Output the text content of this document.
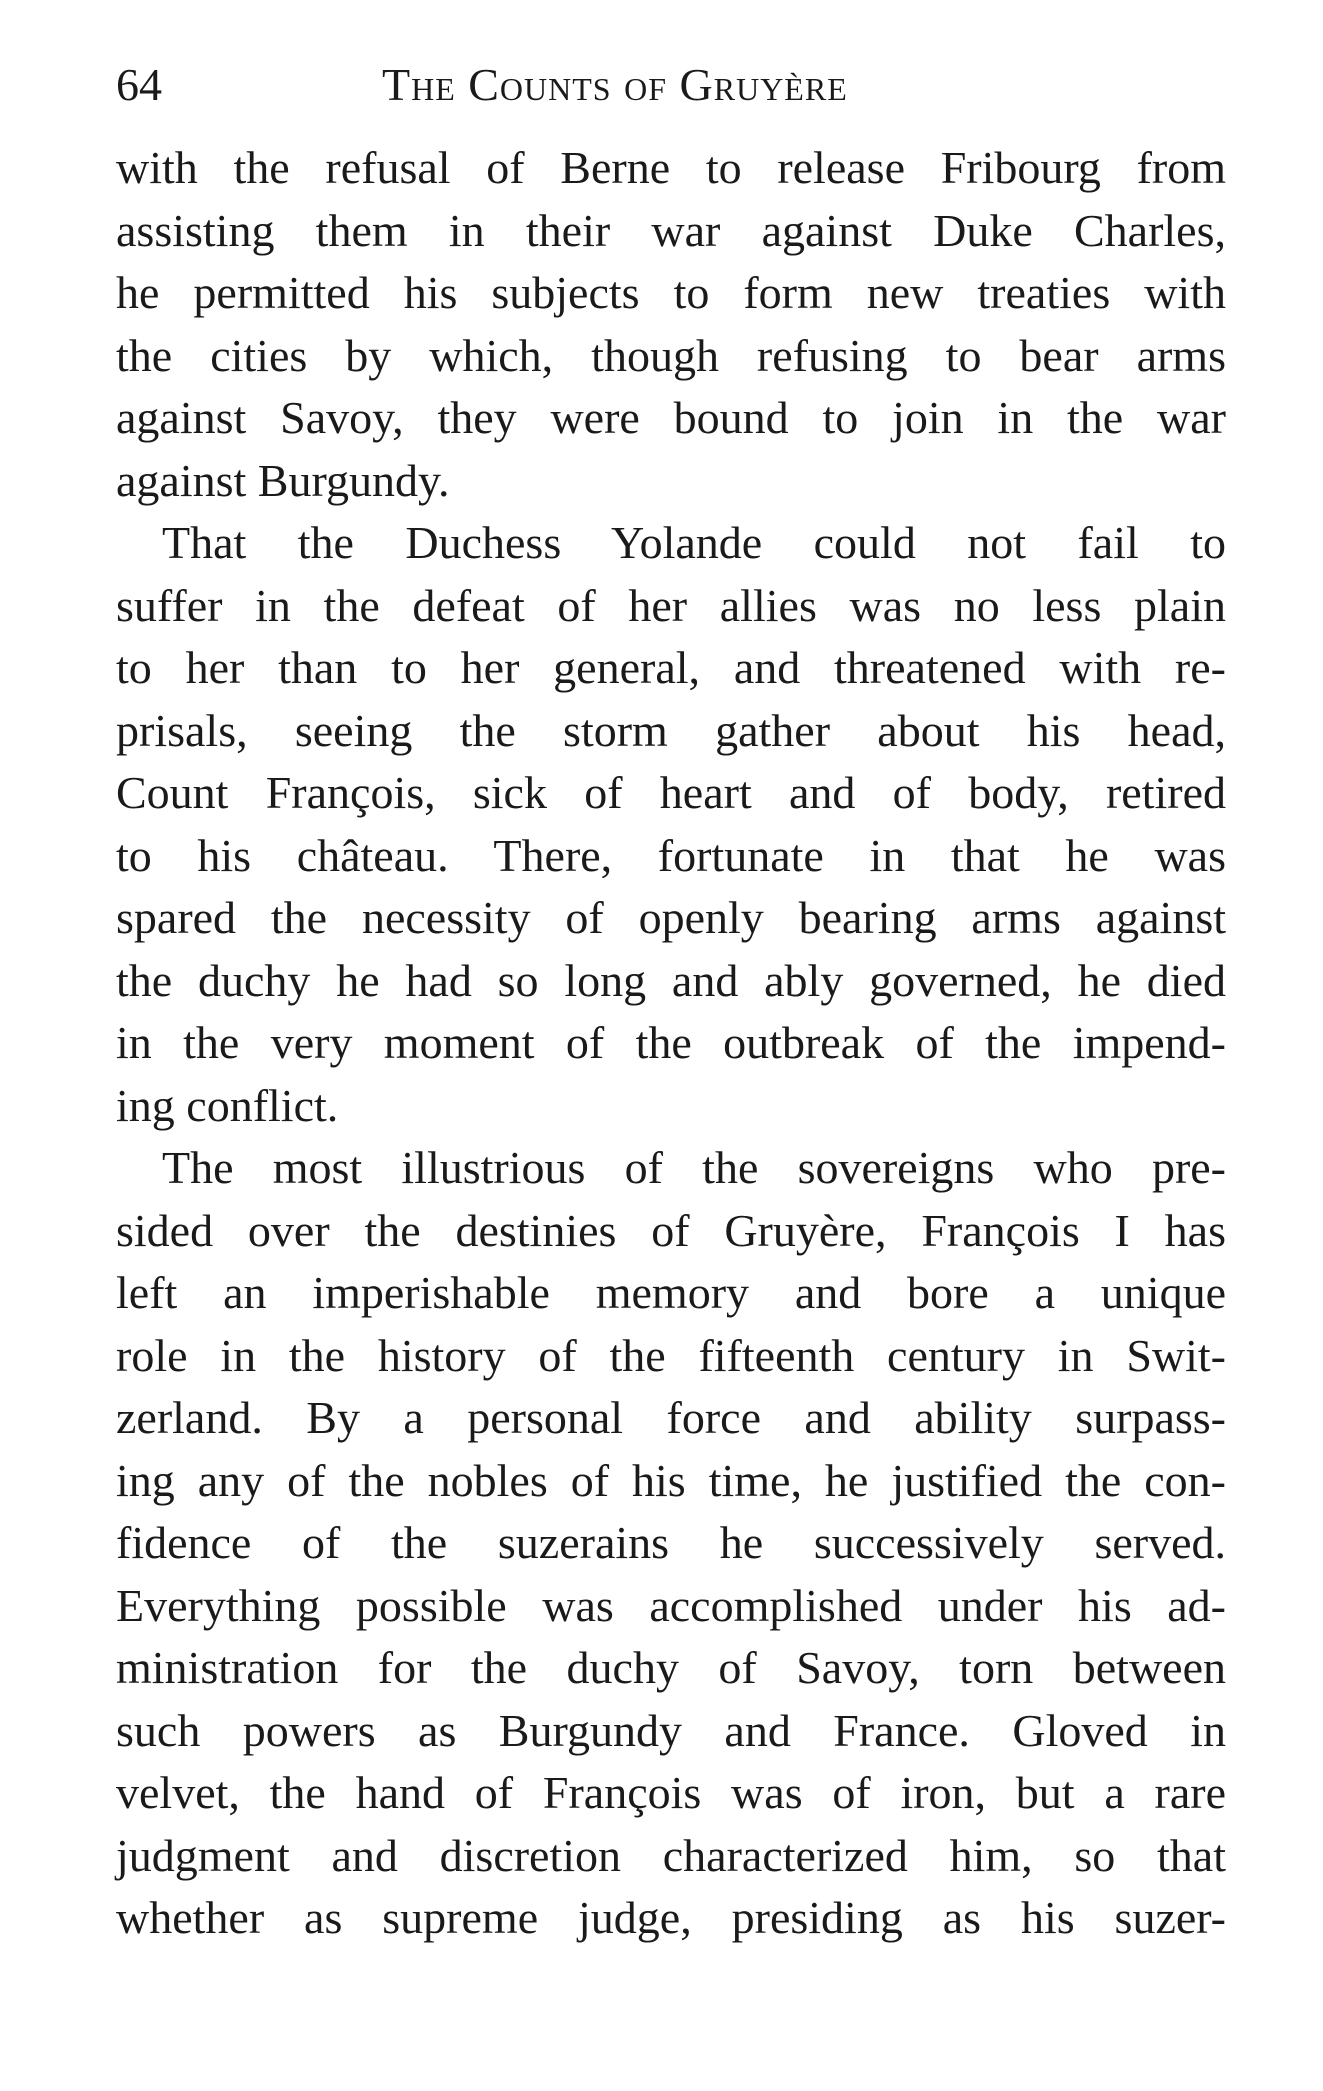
64	The Counts of Gruyère
with the refusal of Berne to release Fribourg from
assisting them in their war against Duke Charles,
he permitted his subjects to form new treaties with
the cities by which, though refusing to bear arms
against Savoy, they were bound to join in the war
against Burgundy.
That the Duchess Yolande could not fail to
suffer in the defeat of her allies was no less plain
to her than to her general, and threatened with re-
prisals, seeing the storm gather about his head,
Count François, sick of heart and of body, retired
to his château. There, fortunate in that he was
spared the necessity of openly bearing arms against
the duchy he had so long and ably governed, he died
in the very moment of the outbreak of the impend-
ing conflict.
The most illustrious of the sovereigns who pre-
sided over the destinies of Gruyère, François I has
left an imperishable memory and bore a unique
role in the history of the fifteenth century in Swit-
zerland. By a personal force and ability surpass-
ing any of the nobles of his time, he justified the con-
fidence of the suzerains he successively served.
Everything possible was accomplished under his ad-
ministration for the duchy of Savoy, torn between
such powers as Burgundy and France. Gloved in
velvet, the hand of François was of iron, but a rare
judgment and discretion characterized him, so that
whether as supreme judge, presiding as his suzer-
